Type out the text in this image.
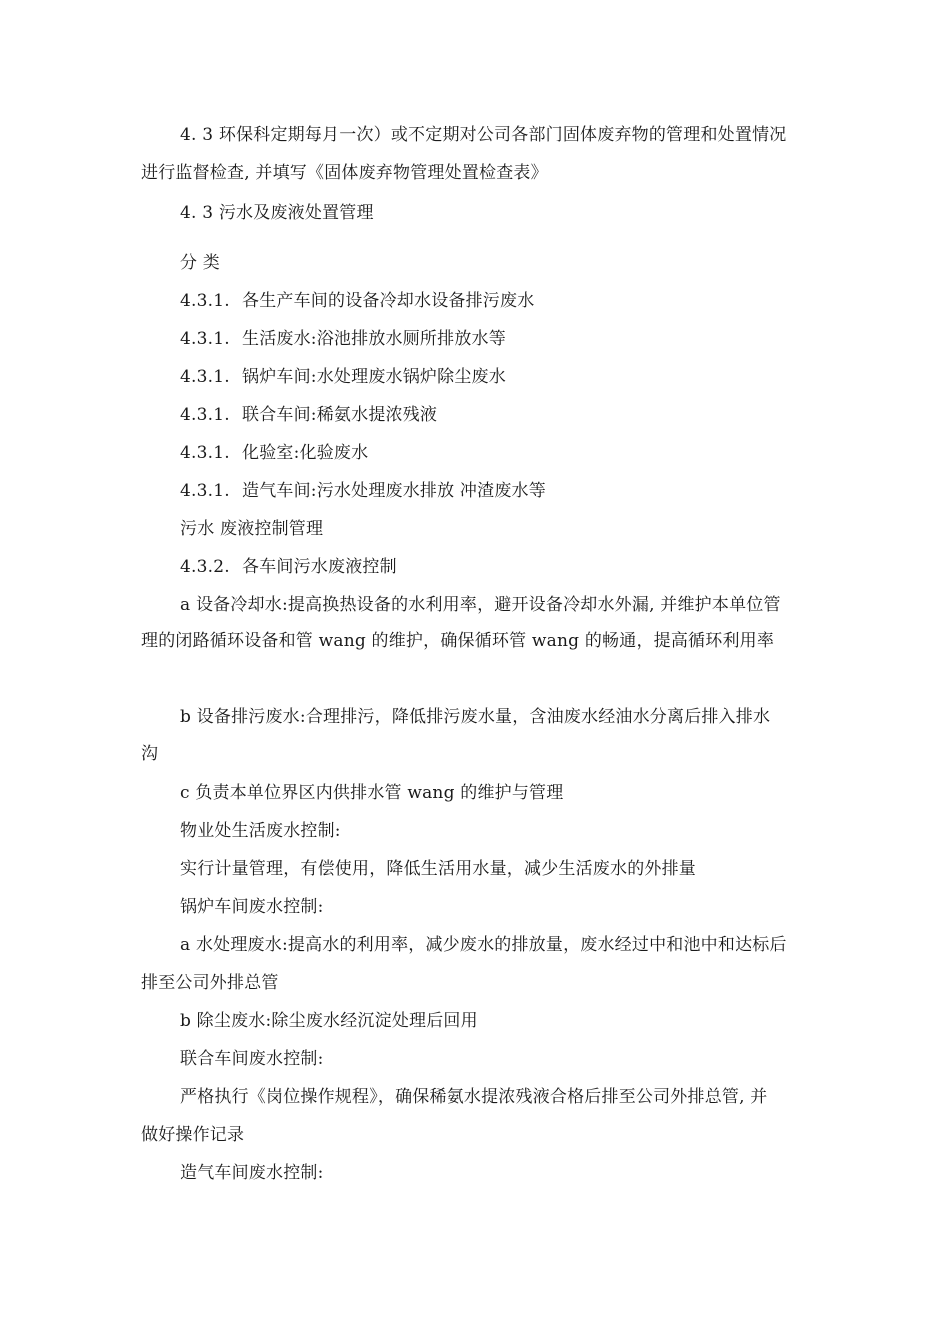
4. 3 环保科定期每月一次）或不定期对公司各部门固体废弃物的管理和处置情况
进行监督检查, 并填写《固体废弃物管理处置检查表》
4. 3 污水及废液处置管理
分 类
4.3.1. 各生产车间的设备冷却水设备排污废水
4.3.1. 生活废水:浴池排放水厕所排放水等
4.3.1. 锅炉车间:水处理废水锅炉除尘废水
4.3.1. 联合车间:稀氨水提浓残液
4.3.1. 化验室:化验废水
4.3.1. 造气车间:污水处理废水排放 冲渣废水等
污水 废液控制管理
4.3.2. 各车间污水废液控制
a 设备冷却水:提高换热设备的水利用率，避开设备冷却水外漏, 并维护本单位管
理的闭路循环设备和管 wang 的维护，确保循环管 wang 的畅通，提高循环利用率
b 设备排污废水:合理排污，降低排污废水量，含油废水经油水分离后排入排水
沟
c 负责本单位界区内供排水管 wang 的维护与管理
物业处生活废水控制:
实行计量管理，有偿使用，降低生活用水量，减少生活废水的外排量
锅炉车间废水控制:
a 水处理废水:提高水的利用率，减少废水的排放量，废水经过中和池中和达标后
排至公司外排总管
b 除尘废水:除尘废水经沉淀处理后回用
联合车间废水控制:
严格执行《岗位操作规程》，确保稀氨水提浓残液合格后排至公司外排总管, 并
做好操作记录
造气车间废水控制:
